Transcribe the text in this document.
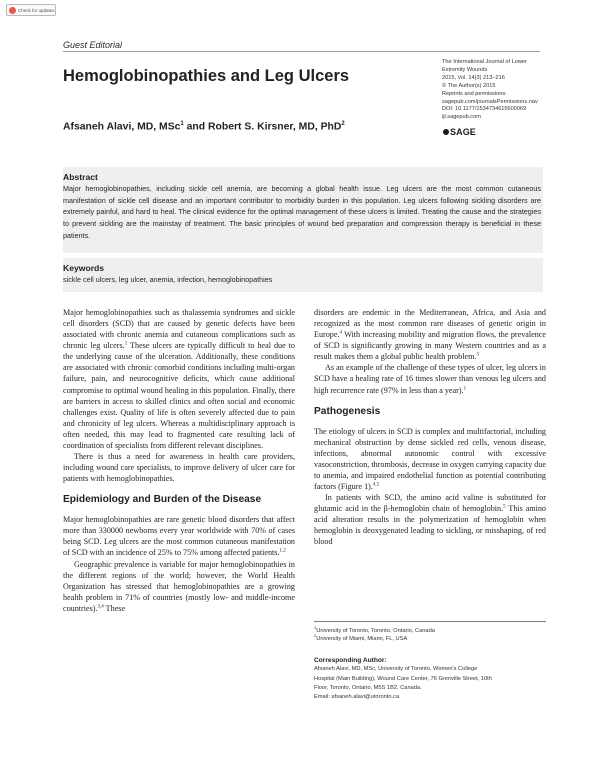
Check for updates
Guest Editorial
The International Journal of Lower
Extremity Wounds
2015, Vol. 14(3) 213–216
© The Author(s) 2015
Reprints and permissions:
sagepub.com/journalsPermissions.nav
DOI: 10.1177/1534734615600069
ijl.sagepub.com
SAGE
Hemoglobinopathies and Leg Ulcers
Afsaneh Alavi, MD, MSc$^1$ and Robert S. Kirsner, MD, PhD$^2$
Abstract
Major hemoglobinopathies, including sickle cell anemia, are becoming a global health issue. Leg ulcers are the most common cutaneous manifestation of sickle cell disease and an important contributor to morbidity burden in this population. Leg ulcers following sickling disorders are extremely painful, and hard to heal. The clinical evidence for the optimal management of these ulcers is limited. Treating the cause and the strategies to prevent sickling are the mainstay of treatment. The basic principles of wound bed preparation and compression therapy is beneficial in these patients.
Keywords
sickle cell ulcers, leg ulcer, anemia, infection, hemoglobinopathies

Major hemoglobinopathies such as thalassemia syndromes and sickle cell disorders (SCD) that are caused by genetic defects have been associated with chronic anemia and cutaneous complications such as chronic leg ulcers.$^1$ These ulcers are typically difficult to heal due to the underlying cause of the ulceration. Additionally, these conditions are associated with chronic comorbid conditions including multi-organ failure, pain, and neurocognitive deficits, which cause additional compromise to optimal wound healing in this population. Finally, there are barriers in access to skilled clinics and often social and economic challenges exist. Quality of life is often severely affected due to pain and chronicity of leg ulcers. Whereas a multidisciplinary approach is often needed, this may lead to fragmented care resulting lack of coordination of specialists from different relevant disciplines.

There is thus a need for awareness in health care providers, including wound care specialists, to improve delivery of ulcer care for patients with hemoglobinopathies.

Epidemiology and Burden of the Disease

Major hemoglobinopathies are rare genetic blood disorders that affect more than 330000 newborns every year worldwide with 70% of cases being SCD. Leg ulcers are the most common cutaneous manifestation of SCD with an incidence of 25% to 75% among affected patients.$^{1,2}$

Geographic prevalence is variable for major hemoglobinopathies in the different regions of the world; however, the World Health Organization has stressed that hemoglobinopathies are a growing health problem in 71% of countries (mostly low- and middle-income countries).$^{3,4}$ These

disorders are endemic in the Mediterranean, Africa, and Asia and recognized as the most common rare diseases of genetic origin in Europe.$^4$ With increasing mobility and migration flows, the prevalence of SCD is significantly growing in many Western countries and as a result makes them a global public health problem.$^3$

As an example of the challenge of these types of ulcer, leg ulcers in SCD have a healing rate of 16 times slower than venous leg ulcers and high recurrence rate (97% in less than a year).$^1$

Pathogenesis

The etiology of ulcers in SCD is complex and multifactorial, including mechanical obstruction by dense sickled red cells, venous disease, infections, abnormal autonomic control with excessive vasoconstriction, thrombosis, decrease in oxygen carrying capacity due to anemia, and impaired endothelial function as potential contributing factors (Figure 1).$^{4,5}$

In patients with SCD, the amino acid valine is substituted for glutamic acid in the β-hemoglobin chain of hemoglobin.$^5$ This amino acid alteration results in the polymerization of hemoglobin when hemoglobin is deoxygenated leading to sickling, or misshaping, of red blood

$^1$University of Toronto, Toronto, Ontario, Canada
$^2$University of Miami, Miami, FL, USA
Corresponding Author:
Afsaneh Alavi, MD, MSc, University of Toronto, Women's College
Hospital (Main Building), Wound Care Center, 76 Grenville Street, 10th
Floor, Toronto, Ontario, M5S 1B2, Canada.
Email: afsaneh.alavi@utoronto.ca
